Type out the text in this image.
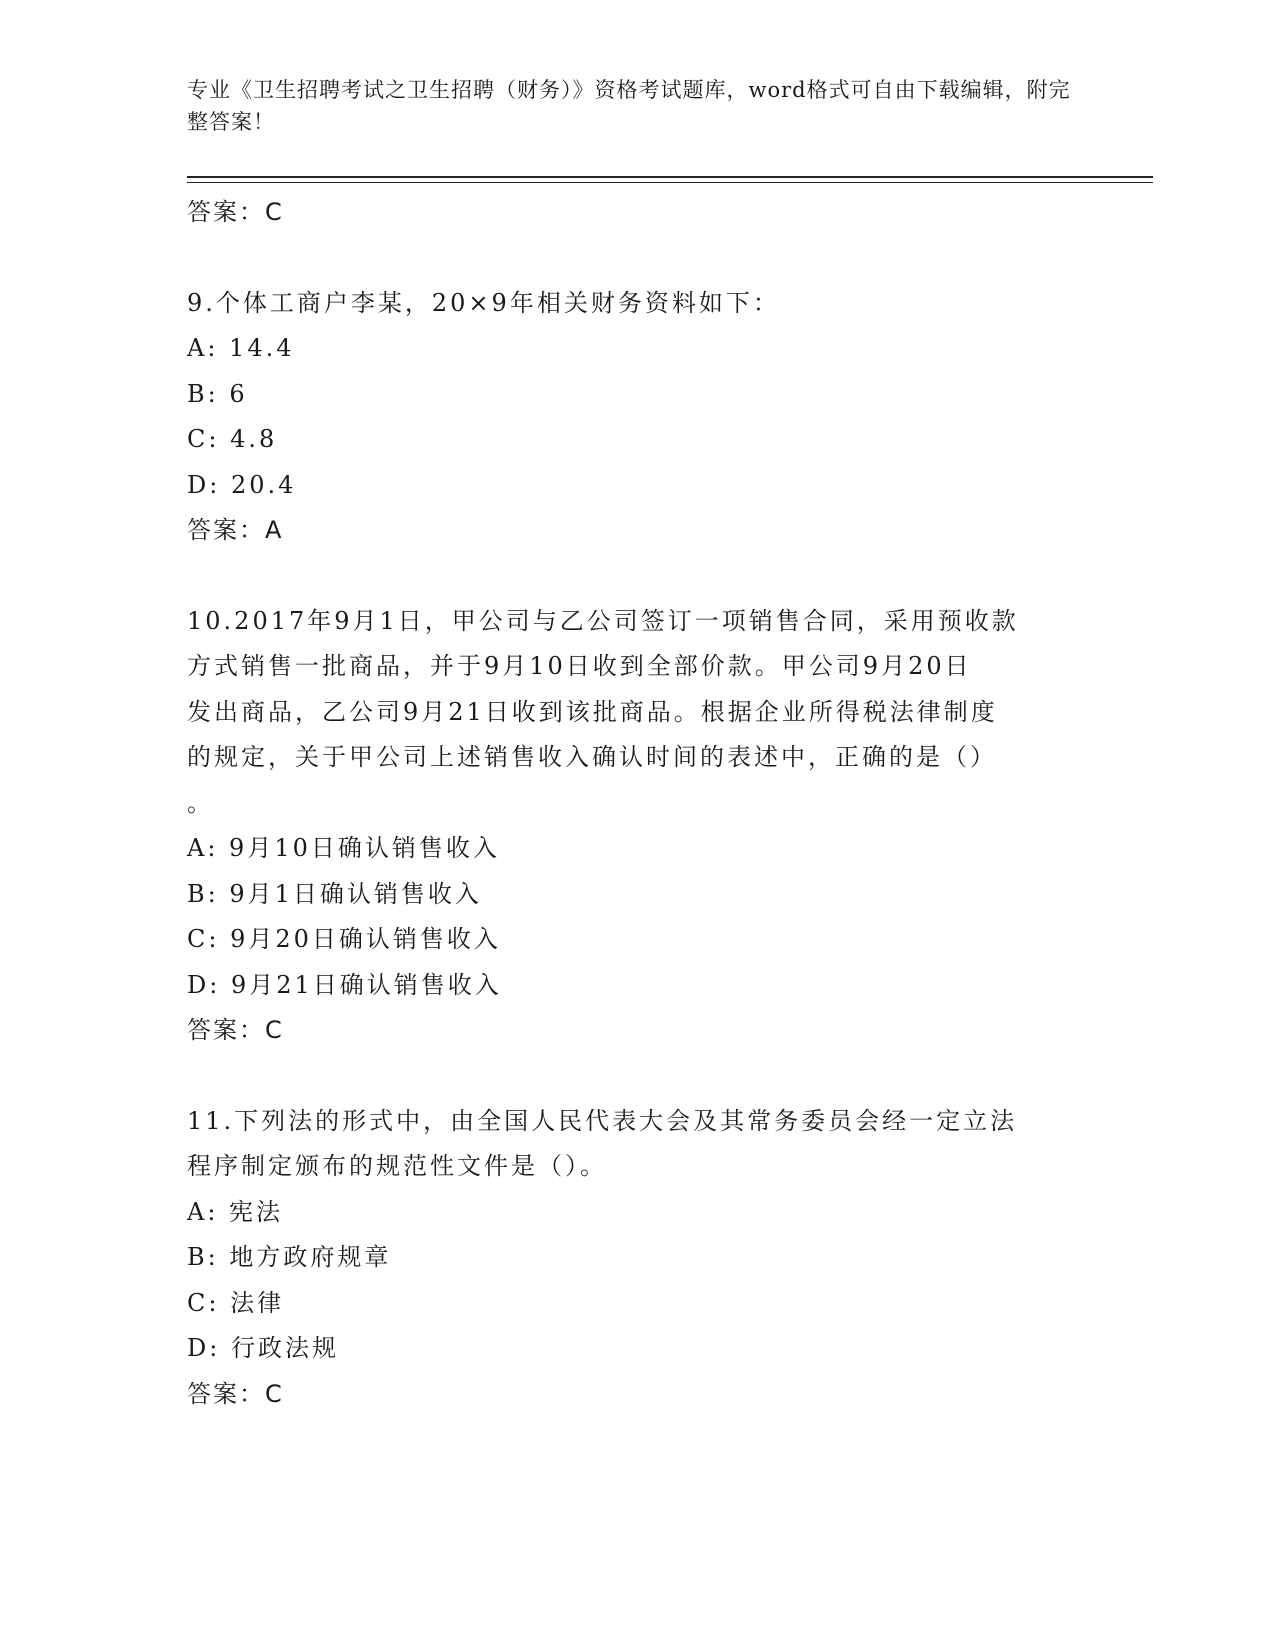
专业《卫生招聘考试之卫生招聘（财务）》资格考试题库，word格式可自由下载编辑，附完整答案！
答案：C
9.个体工商户李某，20×9年相关财务资料如下：
A: 14.4
B: 6
C: 4.8
D: 20.4
答案：A
10.2017年9月1日，甲公司与乙公司签订一项销售合同，采用预收款
方式销售一批商品，并于9月10日收到全部价款。甲公司9月20日
发出商品，乙公司9月21日收到该批商品。根据企业所得税法律制度
的规定，关于甲公司上述销售收入确认时间的表述中，正确的是（）
。
A: 9月10日确认销售收入
B: 9月1日确认销售收入
C: 9月20日确认销售收入
D: 9月21日确认销售收入
答案：C
11.下列法的形式中，由全国人民代表大会及其常务委员会经一定立法
程序制定颁布的规范性文件是（）。
A: 宪法
B: 地方政府规章
C: 法律
D: 行政法规
答案：C
